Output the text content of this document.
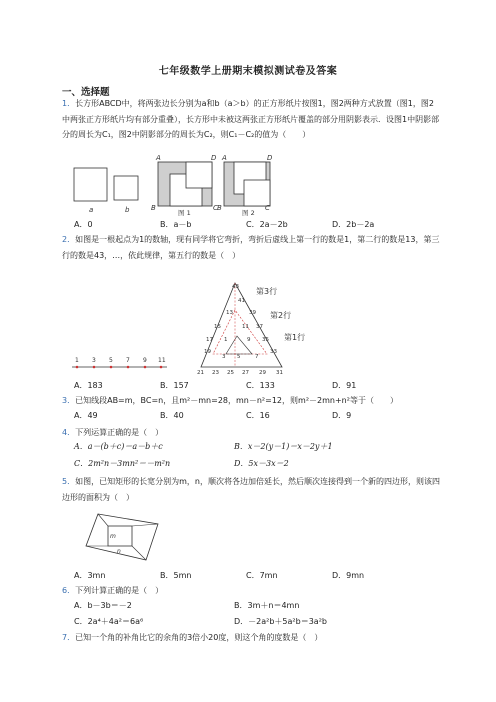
七年级数学上册期末模拟测试卷及答案
一、选择题
1．长方形ABCD中，将两张边长分别为a和b（a＞b）的正方形纸片按图1，图2两种方式放置（图1，图2中两张正方形纸片均有部分重叠），长方形中未被这两张正方形纸片覆盖的部分用阴影表示．设图1中阴影部分的周长为C₁，图2中阴影部分的周长为C₂，则C₁－C₂的值为（　　）
a	b
A	D
B	C
图 1
A	D
B	C
图 2
A．0	B．a－b	C．2a－2b	D．2b－2a
2．如图是一根起点为1的数轴，现有同学将它弯折，弯折后虚线上第一行的数是1，第二行的数是13，第三行的数是43，…，依此规律，第五行的数是（　）
1 3 5 7 9 11
43
41
13	39
15	11 37
17 1	9 35
19
3 5	7
33
21 23 25 27 29 31
第3行
第2行
第1行
A．183	B．157	C．133	D．91
3．已知线段AB=m，BC=n，且m²－mn=28，mn－n²=12，则m²－2mn+n²等于（　　）
A．49	B．40	C．16	D．9
4．下列运算正确的是（　）
A．a－(b＋c)＝a－b＋c	B．x－2(y－1)＝x－2y＋1
C．2m²n－3mn²＝－m²n	D．5x－3x＝2
5．如图，已知矩形的长宽分别为m，n，顺次将各边加倍延长，然后顺次连接得到一个新的四边形，则该四边形的面积为（　）
m
n
A．3mn	B．5mn	C．7mn	D．9mn
6．下列计算正确的是（　）
A．b－3b＝－2	B．3m＋n＝4mn
C．2a⁴＋4a²＝6a⁶	D．－2a²b＋5a²b＝3a²b
7．已知一个角的补角比它的余角的3倍小20度，则这个角的度数是（　）
